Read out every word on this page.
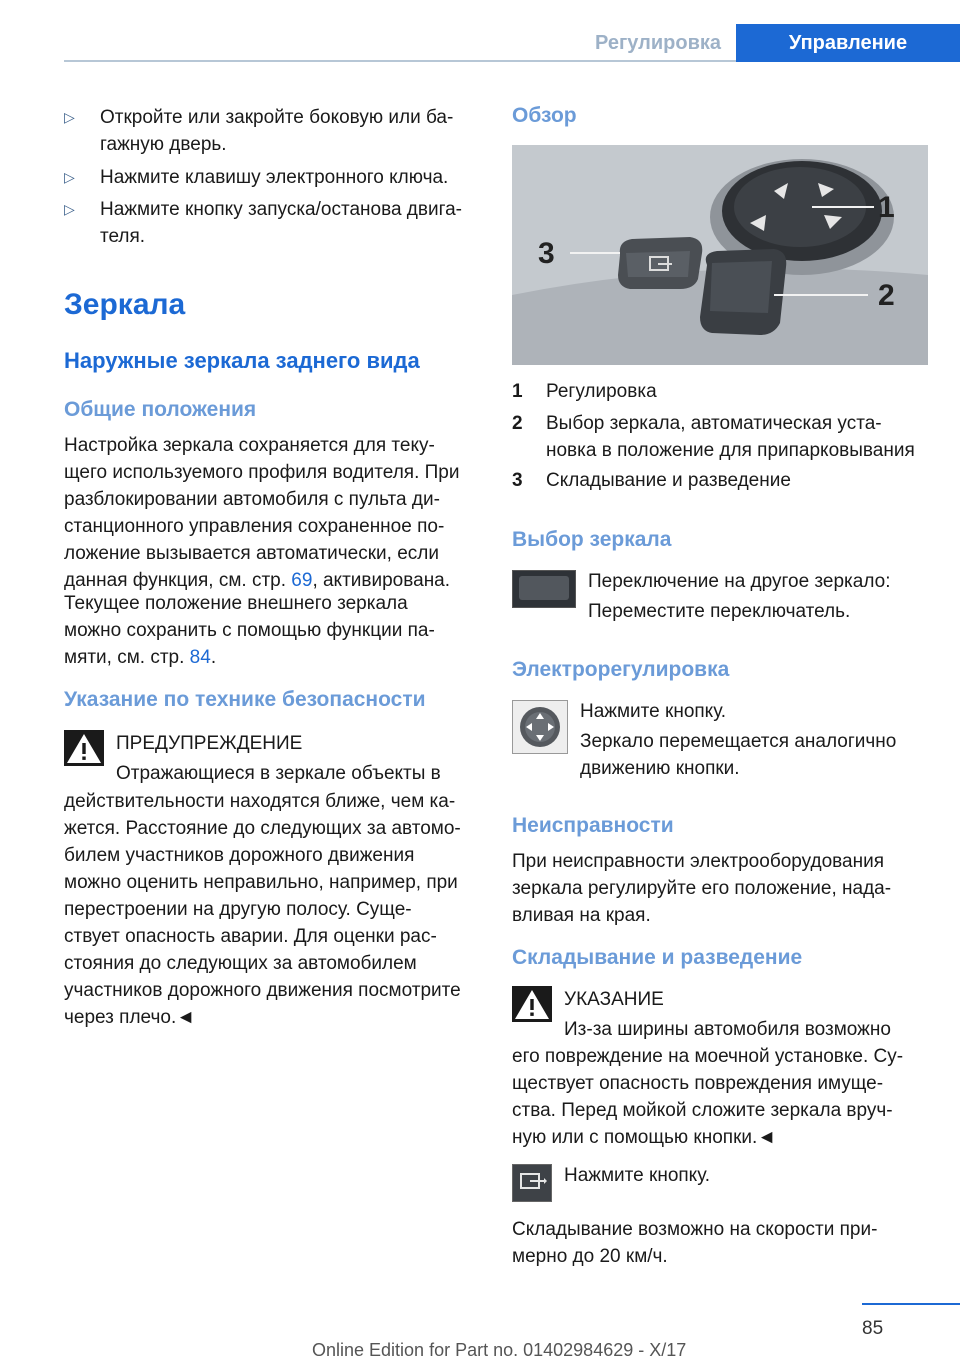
Регулировка	Управление
▷ Откройте или закройте боковую или ба‐
гажную дверь.
▷ Нажмите клавишу электронного ключа.
▷ Нажмите кнопку запуска/останова двига‐
теля.
Зеркала
Наружные зеркала заднего вида
Общие положения

Настройка зеркала сохраняется для теку‐

щего используемого профиля водителя. При

разблокировании автомобиля с пульта ди‐

станционного управления сохраненное по‐

ложение вызывается автоматически, если

данная функция, см. стр. 69, активирована.

Текущее положение внешнего зеркала

можно сохранить с помощью функции па‐

мяти, см. стр. 84.

Указание по технике безопасности
ПРЕДУПРЕЖДЕНИЕ
Отражающиеся в зеркале объекты в

действительности находятся ближе, чем ка‐

жется. Расстояние до следующих за автомо‐

билем участников дорожного движения

можно оценить неправильно, например, при

перестроении на другую полосу. Суще‐

ствует опасность аварии. Для оценки рас‐

стояния до следующих за автомобилем

участников дорожного движения посмотрите

через плечо.◄

Обзор
1
2
3
1 Регулировка
2 Выбор зеркала, автоматическая уста‐
новка в положение для припарковывания
3 Складывание и разведение
Выбор зеркала
Переключение на другое зеркало:
Переместите переключатель.
Электрорегулировка
Нажмите кнопку.
Зеркало перемещается аналогично
движению кнопки.
Неисправности

При неисправности электрооборудования

зеркала регулируйте его положение, нада‐

вливая на края.

Складывание и разведение
УКАЗАНИЕ
Из-за ширины автомобиля возможно

его повреждение на моечной установке. Су‐

ществует опасность повреждения имуще‐

ства. Перед мойкой сложите зеркала вруч‐

ную или с помощью кнопки.◄

Нажмите кнопку.

Складывание возможно на скорости при‐

мерно до 20 км/ч.

85
Online Edition for Part no. 01402984629 - X/17
